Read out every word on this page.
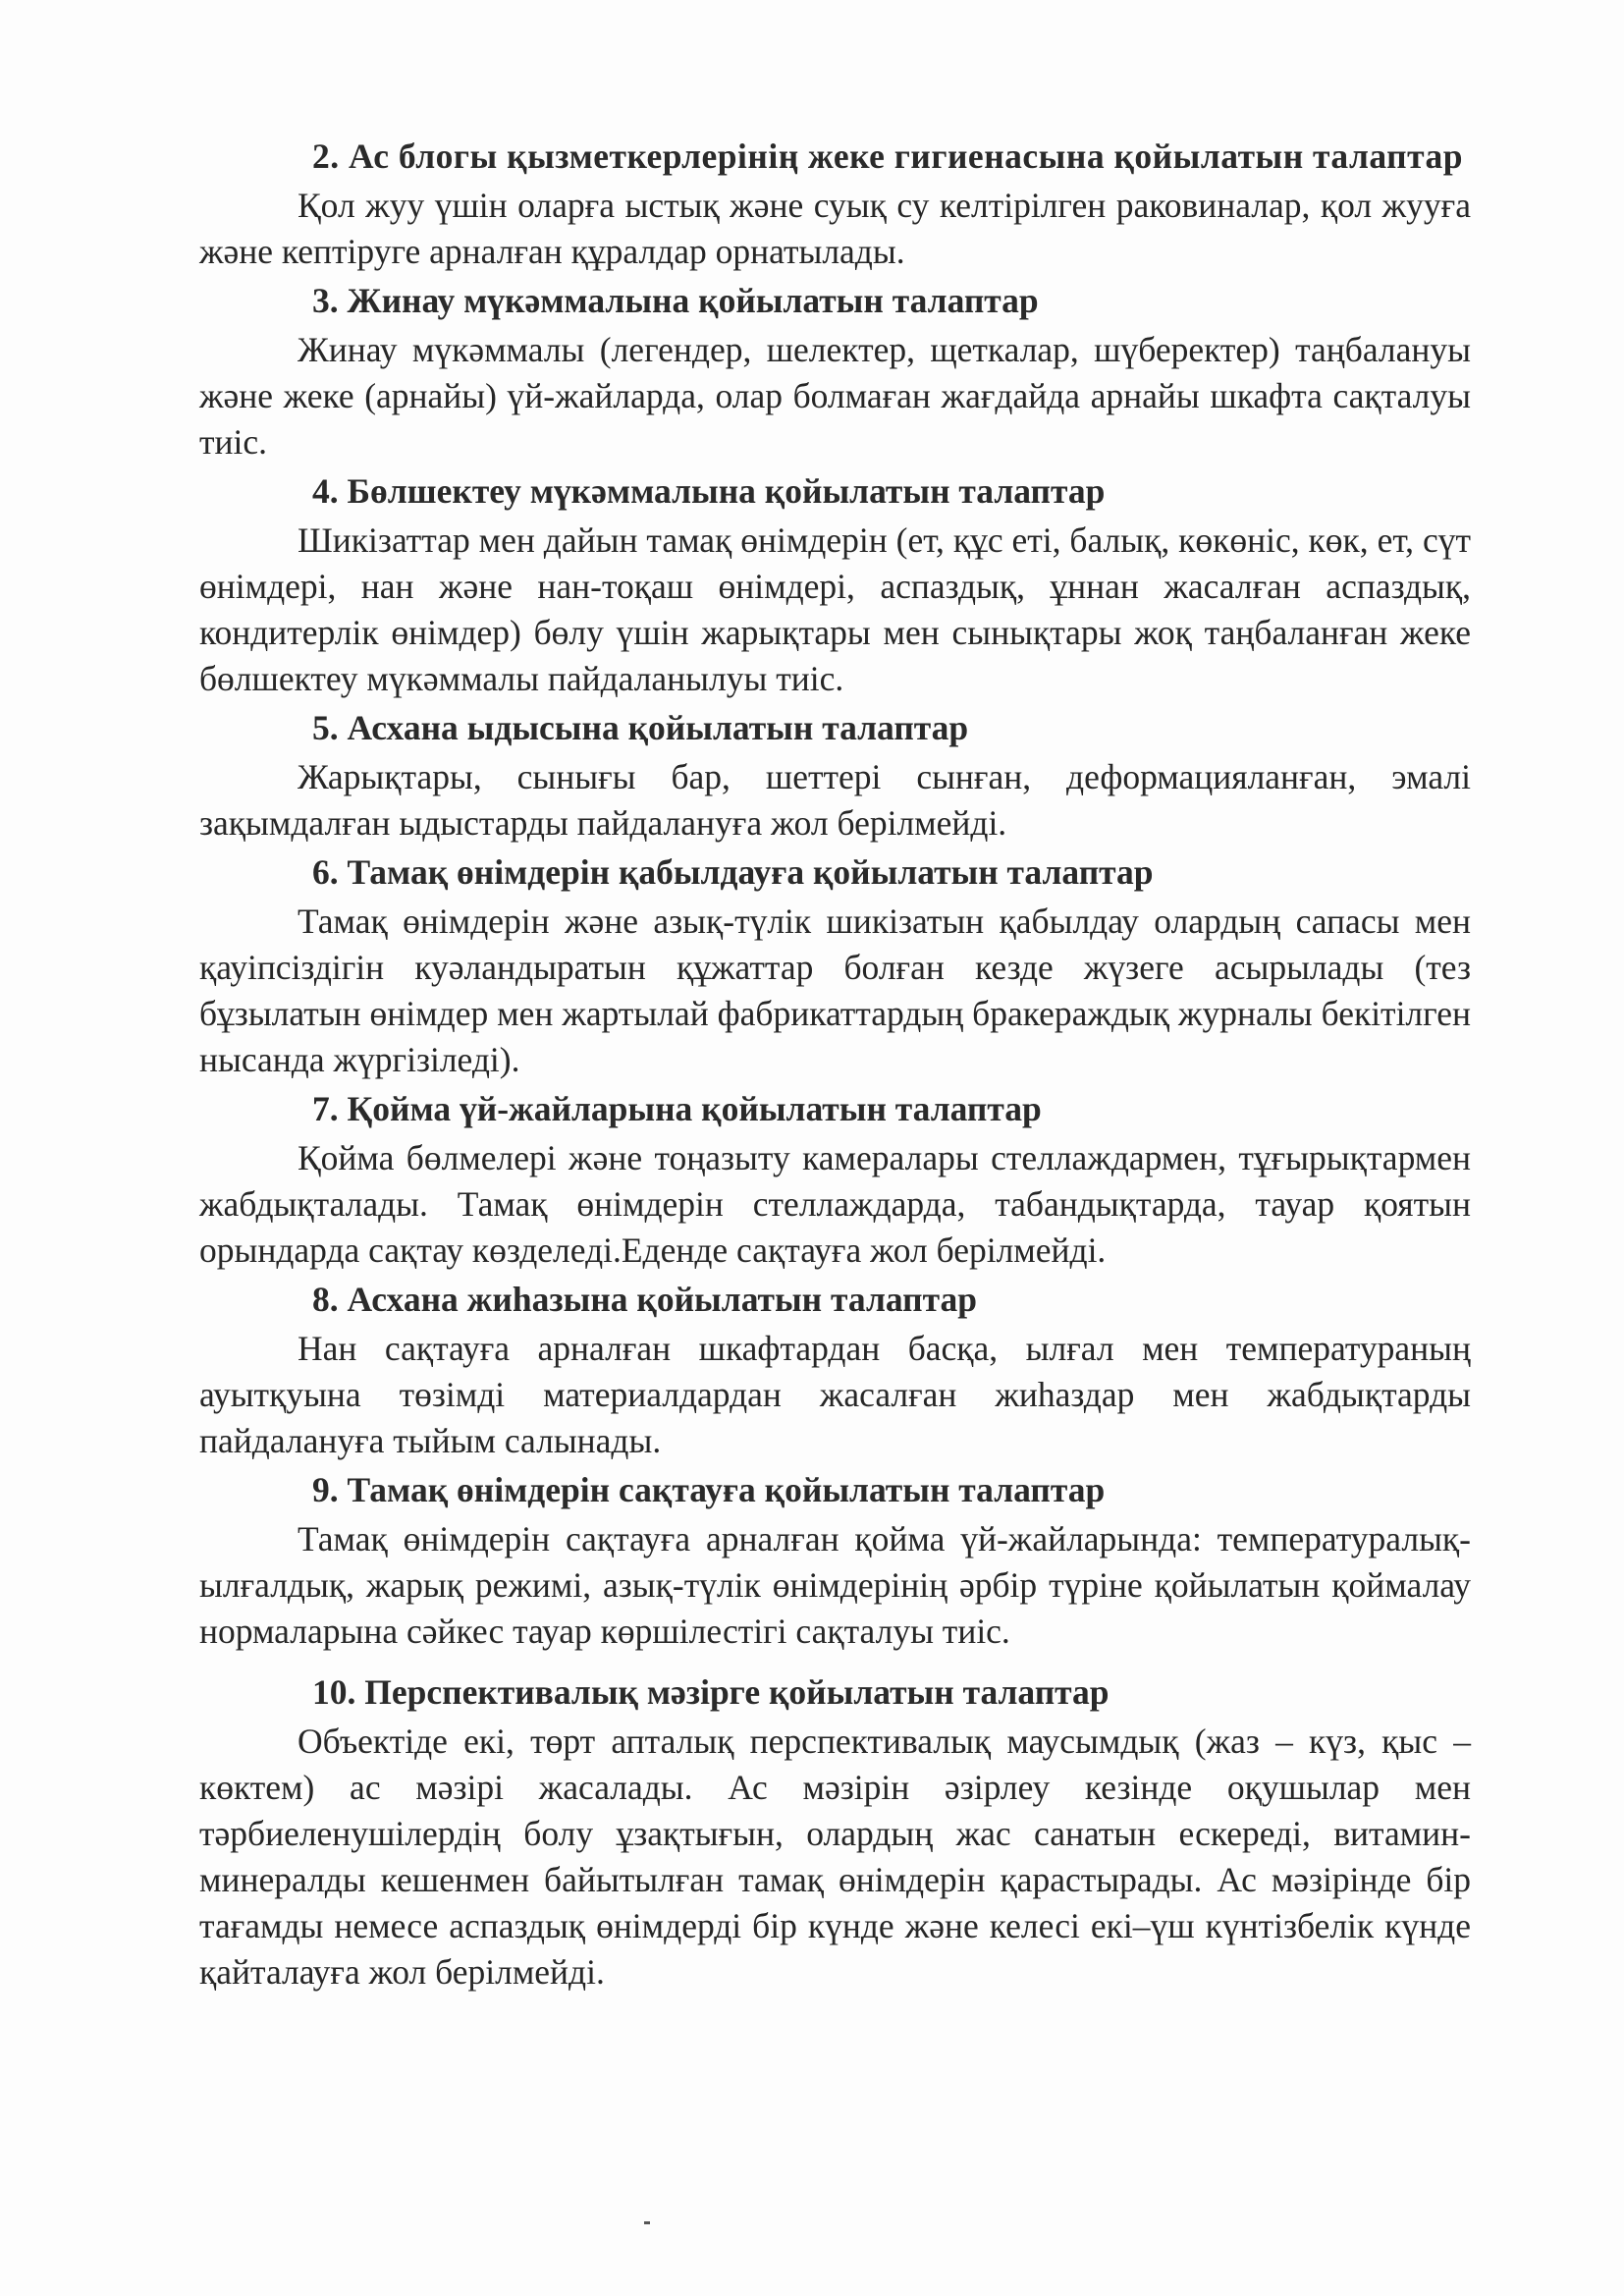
2. Ас блогы қызметкерлерінің жеке гигиенасына қойылатын талаптар

Қол жуу үшін оларға ыстық және суық су келтірілген раковиналар, қол жууға және кептіруге арналған құралдар орнатылады.

3. Жинау мүкәммалына қойылатын талаптар

Жинау мүкәммалы (легендер, шелектер, щеткалар, шүберектер) таңбалануы және жеке (арнайы) үй-жайларда, олар болмаған жағдайда арнайы шкафта сақталуы тиіс.

4. Бөлшектеу мүкәммалына қойылатын талаптар

Шикізаттар мен дайын тамақ өнімдерін (ет, құс еті, балық, көкөніс, көк, ет, сүт өнімдері, нан және нан-тоқаш өнімдері, аспаздық, ұннан жасалған аспаздық, кондитерлік өнімдер) бөлу үшін жарықтары мен сынықтары жоқ таңбаланған жеке бөлшектеу мүкәммалы пайдаланылуы тиіс.

5. Асхана ыдысына қойылатын талаптар

Жарықтары, сынығы бар, шеттері сынған, деформацияланған, эмалі зақымдалған ыдыстарды пайдалануға жол берілмейді.

6. Тамақ өнімдерін қабылдауға қойылатын талаптар

Тамақ өнімдерін және азық-түлік шикізатын қабылдау олардың сапасы мен қауіпсіздігін куәландыратын құжаттар болған кезде жүзеге асырылады (тез бұзылатын өнімдер мен жартылай фабрикаттардың бракераждық журналы бекітілген нысанда жүргізіледі).

7. Қойма үй-жайларына қойылатын талаптар

Қойма бөлмелері және тоңазыту камералары стеллаждармен, тұғырықтармен жабдықталады. Тамақ өнімдерін стеллаждарда, табандықтарда, тауар қоятын орындарда сақтау көзделеді.Еденде сақтауға жол берілмейді.

8. Асхана жиhазына қойылатын талаптар

Нан сақтауға арналған шкафтардан басқа, ылғал мен температураның ауытқуына төзімді материалдардан жасалған жиhаздар мен жабдықтарды пайдалануға тыйым салынады.

9. Тамақ өнімдерін сақтауға қойылатын талаптар

Тамақ өнімдерін сақтауға арналған қойма үй-жайларында: температуралық-ылғалдық, жарық режимі, азық-түлік өнімдерінің әрбір түріне қойылатын қоймалау нормаларына сәйкес тауар көршілестігі сақталуы тиіс.

10. Перспективалық мәзірге қойылатын талаптар

Объектіде екі, төрт апталық перспективалық маусымдық (жаз – күз, қыс – көктем) ас мәзірі жасалады. Ас мәзірін әзірлеу кезінде оқушылар мен тәрбиеленушілердің болу ұзақтығын, олардың жас санатын ескереді, витамин-минералды кешенмен байытылған тамақ өнімдерін қарастырады. Ас мәзірінде бір тағамды немесе аспаздық өнімдерді бір күнде және келесі екі–үш күнтізбелік күнде қайталауға жол берілмейді.
